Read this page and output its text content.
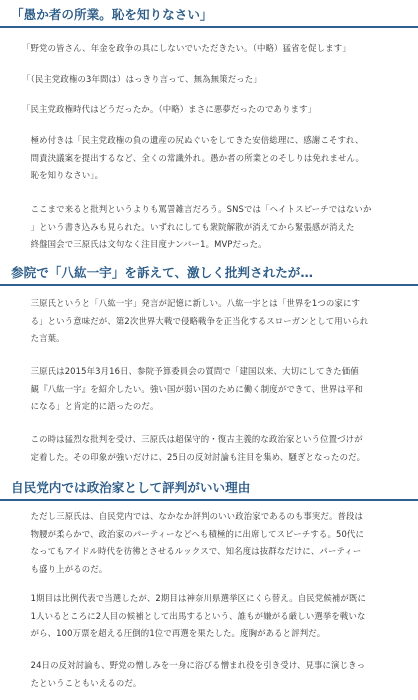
「愚か者の所業。恥を知りなさい」
「野党の皆さん、年金を政争の具にしないでいただきたい。（中略）猛省を促します」
「（民主党政権の3年間は）はっきり言って、無為無策だった」
「民主党政権時代はどうだったか。（中略）まさに悪夢だったのであります」
極め付きは「民主党政権の負の遺産の尻ぬぐいをしてきた安倍総理に、感謝こそすれ、
問責決議案を提出するなど、全くの常識外れ。愚か者の所業とのそしりは免れません。
恥を知りなさい」。
ここまで来ると批判というよりも罵詈雑言だろう。SNSでは「ヘイトスピーチではないか
」という書き込みも見られた。いずれにしても衆院解散が消えてから緊張感が消えた
終盤国会で三原氏は文句なく注目度ナンバー1。MVPだった。
参院で「八紘一宇」を訴えて、激しく批判されたが…
三原氏というと「八紘一宇」発言が記憶に新しい。八紘一宇とは「世界を1つの家にす
る」という意味だが、第2次世界大戦で侵略戦争を正当化するスローガンとして用いられ
た言葉。
三原氏は2015年3月16日、参院予算委員会の質問で「建国以来、大切にしてきた価値
観『八紘一宇』を紹介したい。強い国が弱い国のために働く制度ができて、世界は平和
になる」と肯定的に語ったのだ。
この時は猛烈な批判を受け、三原氏は超保守的・復古主義的な政治家という位置づけが
定着した。その印象が強いだけに、25日の反対討論も注目を集め、騒ぎとなったのだ。
自民党内では政治家として評判がいい理由
ただし三原氏は、自民党内では、なかなか評判のいい政治家であるのも事実だ。普段は
物腰が柔らかで、政治家のパーティーなどへも積極的に出席してスピーチする。50代に
なってもアイドル時代を彷彿とさせるルックスで、知名度は抜群なだけに、パーティー
も盛り上がるのだ。
1期目は比例代表で当選したが、2期目は神奈川県選挙区にくら替え。自民党候補が既に
1人いるところに2人目の候補として出馬するという、誰もが嫌がる厳しい選挙を戦いな
がら、100万票を超える圧倒的1位で再選を果たした。度胸があると評判だ。
24日の反対討論も、野党の憎しみを一身に浴びる憎まれ役を引き受け、見事に演じきっ
たということもいえるのだ。
